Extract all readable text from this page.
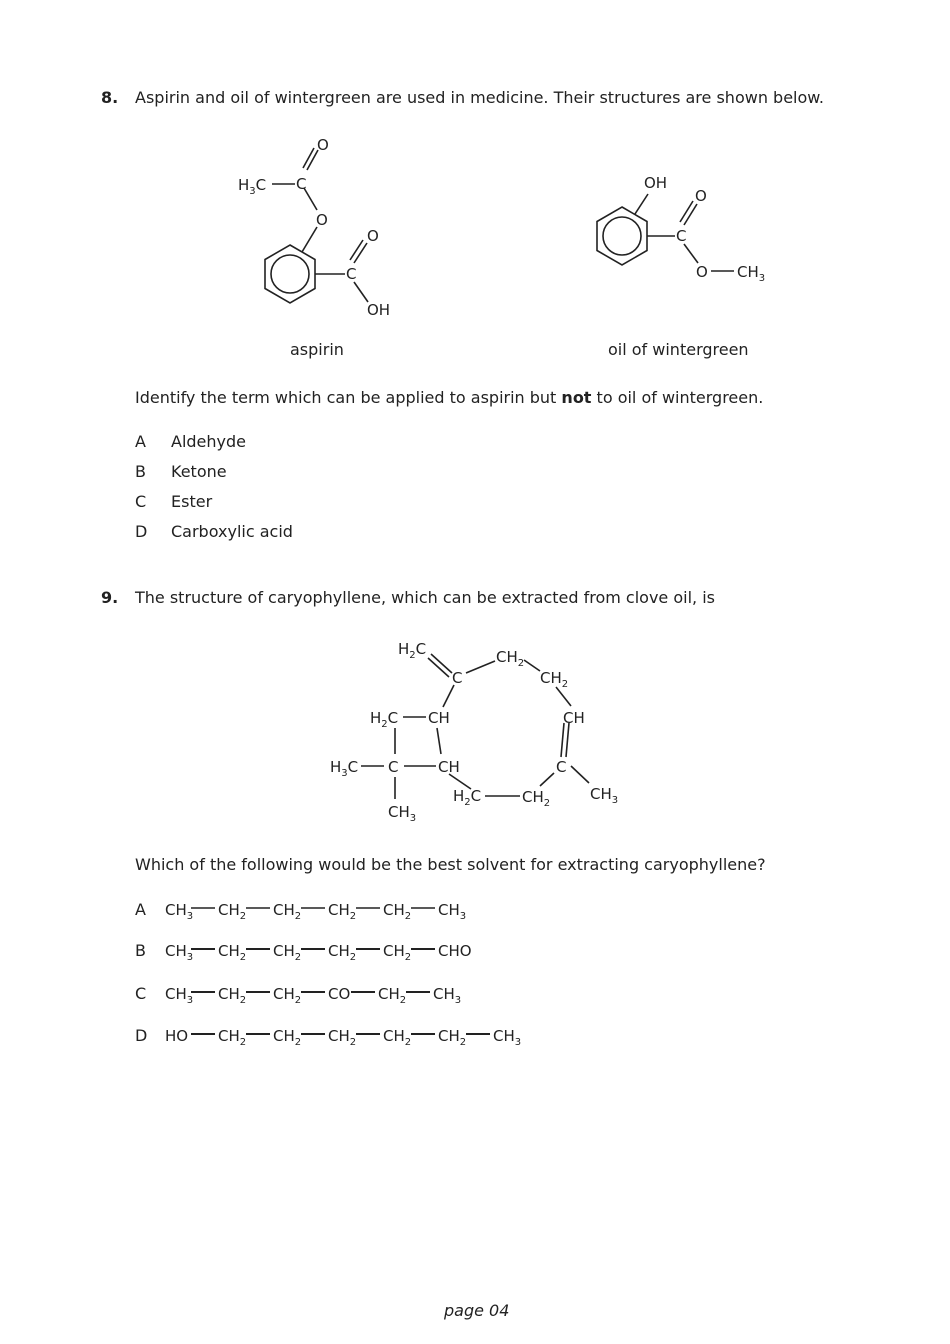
8. Aspirin and oil of wintergreen are used in medicine. Their structures are shown below.
O
C
$H_3C$
O
O
C
OH
OH
O
C
O $CH_3$
aspirin	oil of wintergreen
Identify the term which can be applied to aspirin but not to oil of wintergreen.
A Aldehyde
B Ketone
C Ester
D Carboxylic acid
9. The structure of caryophyllene, which can be extracted from clove oil, is
$H_2C$
C
$CH_2$
$CH_2$
CH
C
$CH_3$
$CH_2$
$H_2C$
$H_2C$ CH
$H_3C$ C	CH
$CH_3$
Which of the following would be the best solvent for extracting caryophyllene?
A $CH_3$ $CH_2$ $CH_2$ $CH_2$ $CH_2$ $CH_3$
B $CH_3$ $CH_2$ $CH_2$ $CH_2$ $CH_2$ CHO
C $CH_3$ $CH_2$ $CH_2$ CO $CH_2$ $CH_3$
D HO $CH_2$ $CH_2$ $CH_2$ $CH_2$ $CH_2$ $CH_3$
page 04
